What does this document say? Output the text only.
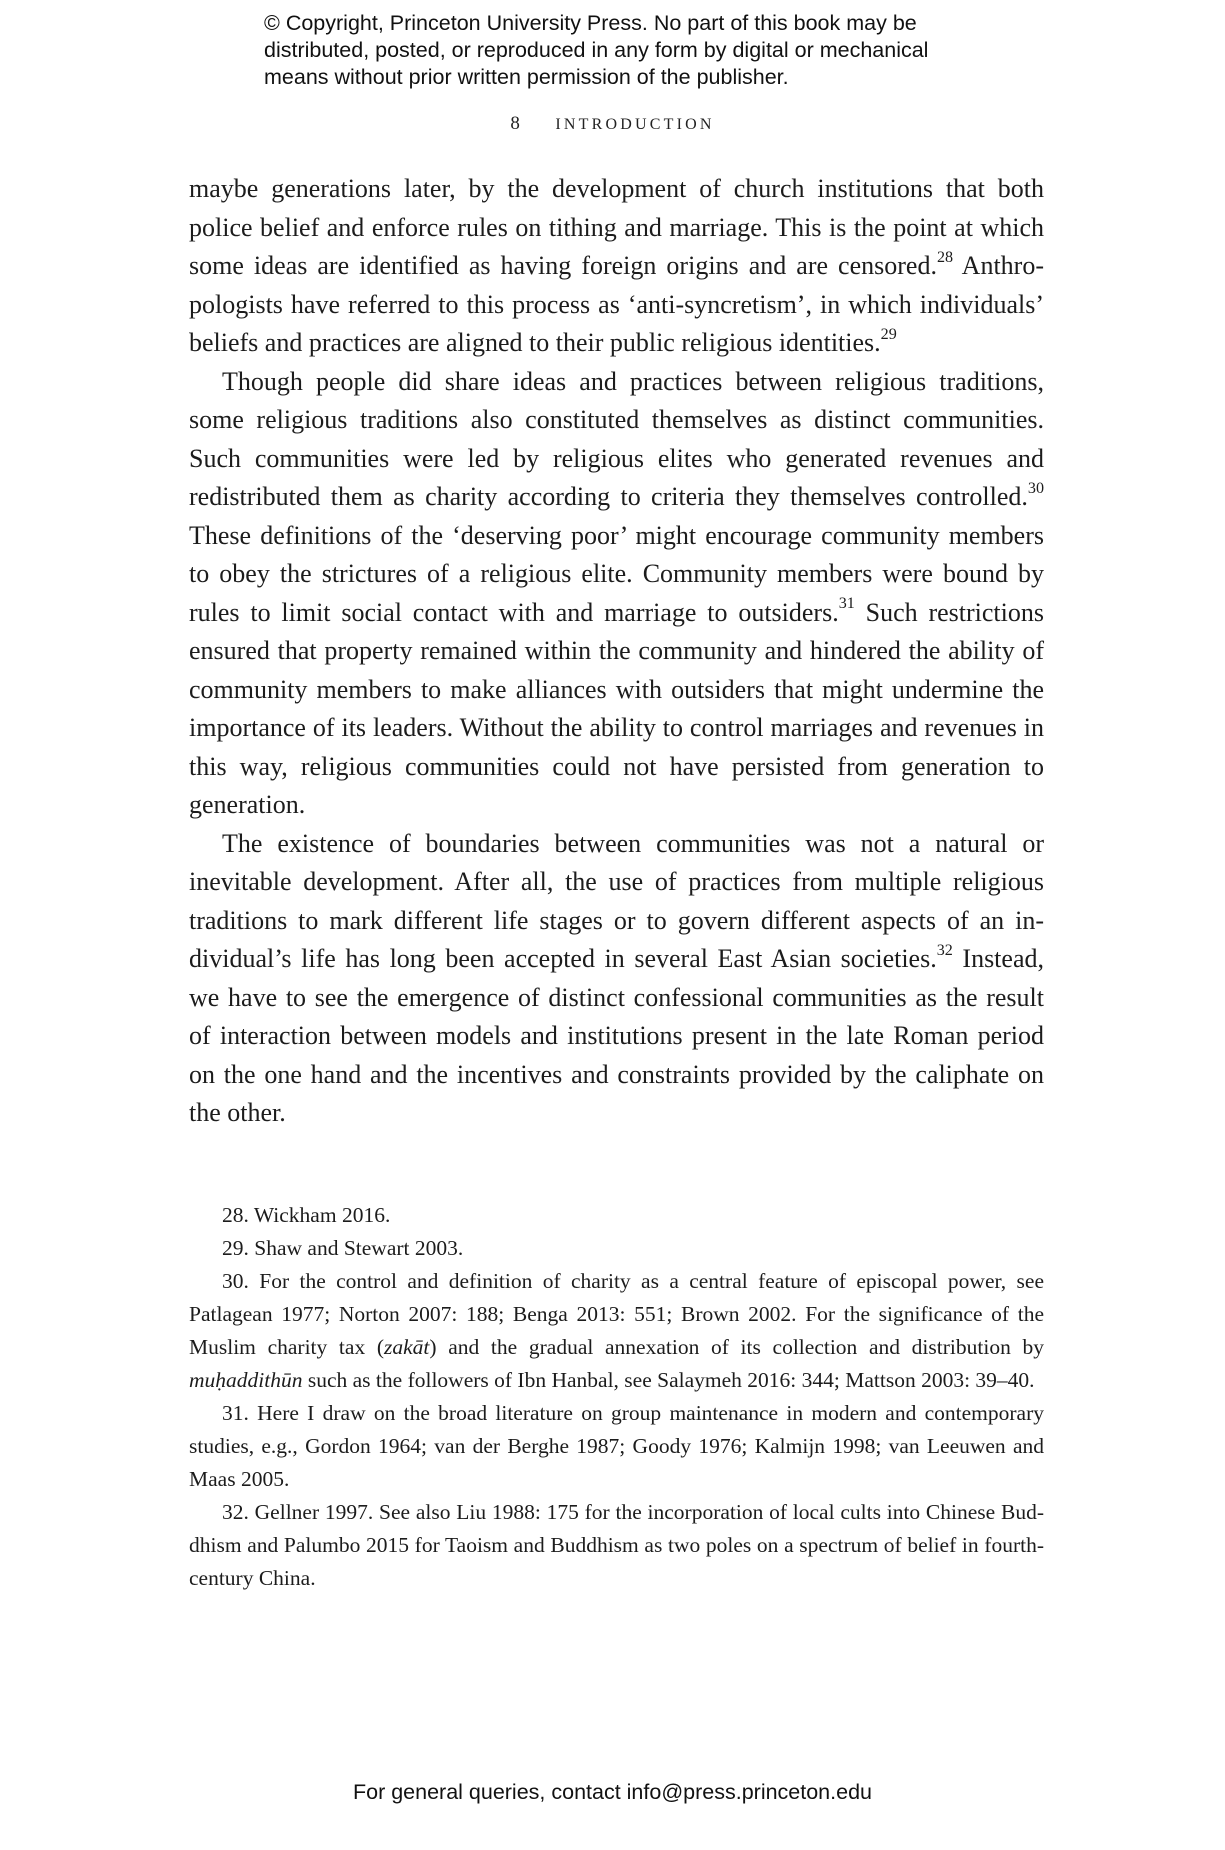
© Copyright, Princeton University Press. No part of this book may be
distributed, posted, or reproduced in any form by digital or mechanical
means without prior written permission of the publisher.
8 INTRODUCTION

maybe generations later, by the development of church institutions that both police belief and enforce rules on tithing and marriage. This is the point at which some ideas are identified as having foreign origins and are censored.$^{28}$ Anthropologists have referred to this process as ‘anti-syncretism’, in which individuals’ beliefs and practices are aligned to their public religious identities.$^{29}$

Though people did share ideas and practices between religious traditions, some religious traditions also constituted themselves as distinct communities. Such communities were led by religious elites who generated revenues and redistributed them as charity according to criteria they themselves controlled.$^{30}$ These definitions of the ‘deserving poor’ might encourage community members to obey the strictures of a religious elite. Community members were bound by rules to limit social contact with and marriage to outsiders.$^{31}$ Such restrictions ensured that property remained within the community and hindered the ability of community members to make alliances with outsiders that might undermine the importance of its leaders. Without the ability to control marriages and revenues in this way, religious communities could not have persisted from generation to generation.

The existence of boundaries between communities was not a natural or inevitable development. After all, the use of practices from multiple religious traditions to mark different life stages or to govern different aspects of an individual’s life has long been accepted in several East Asian societies.$^{32}$ Instead, we have to see the emergence of distinct confessional communities as the result of interaction between models and institutions present in the late Roman period on the one hand and the incentives and constraints provided by the caliphate on the other.

28. Wickham 2016.

29. Shaw and Stewart 2003.

30. For the control and definition of charity as a central feature of episcopal power, see Patlagean 1977; Norton 2007: 188; Benga 2013: 551; Brown 2002. For the significance of the Muslim charity tax (zakāt) and the gradual annexation of its collection and distribution by muḥaddithūn such as the followers of Ibn Hanbal, see Salaymeh 2016: 344; Mattson 2003: 39–40.

31. Here I draw on the broad literature on group maintenance in modern and contemporary studies, e.g., Gordon 1964; van der Berghe 1987; Goody 1976; Kalmijn 1998; van Leeuwen and Maas 2005.

32. Gellner 1997. See also Liu 1988: 175 for the incorporation of local cults into Chinese Buddhism and Palumbo 2015 for Taoism and Buddhism as two poles on a spectrum of belief in fourth-century China.

For general queries, contact info@press.princeton.edu
